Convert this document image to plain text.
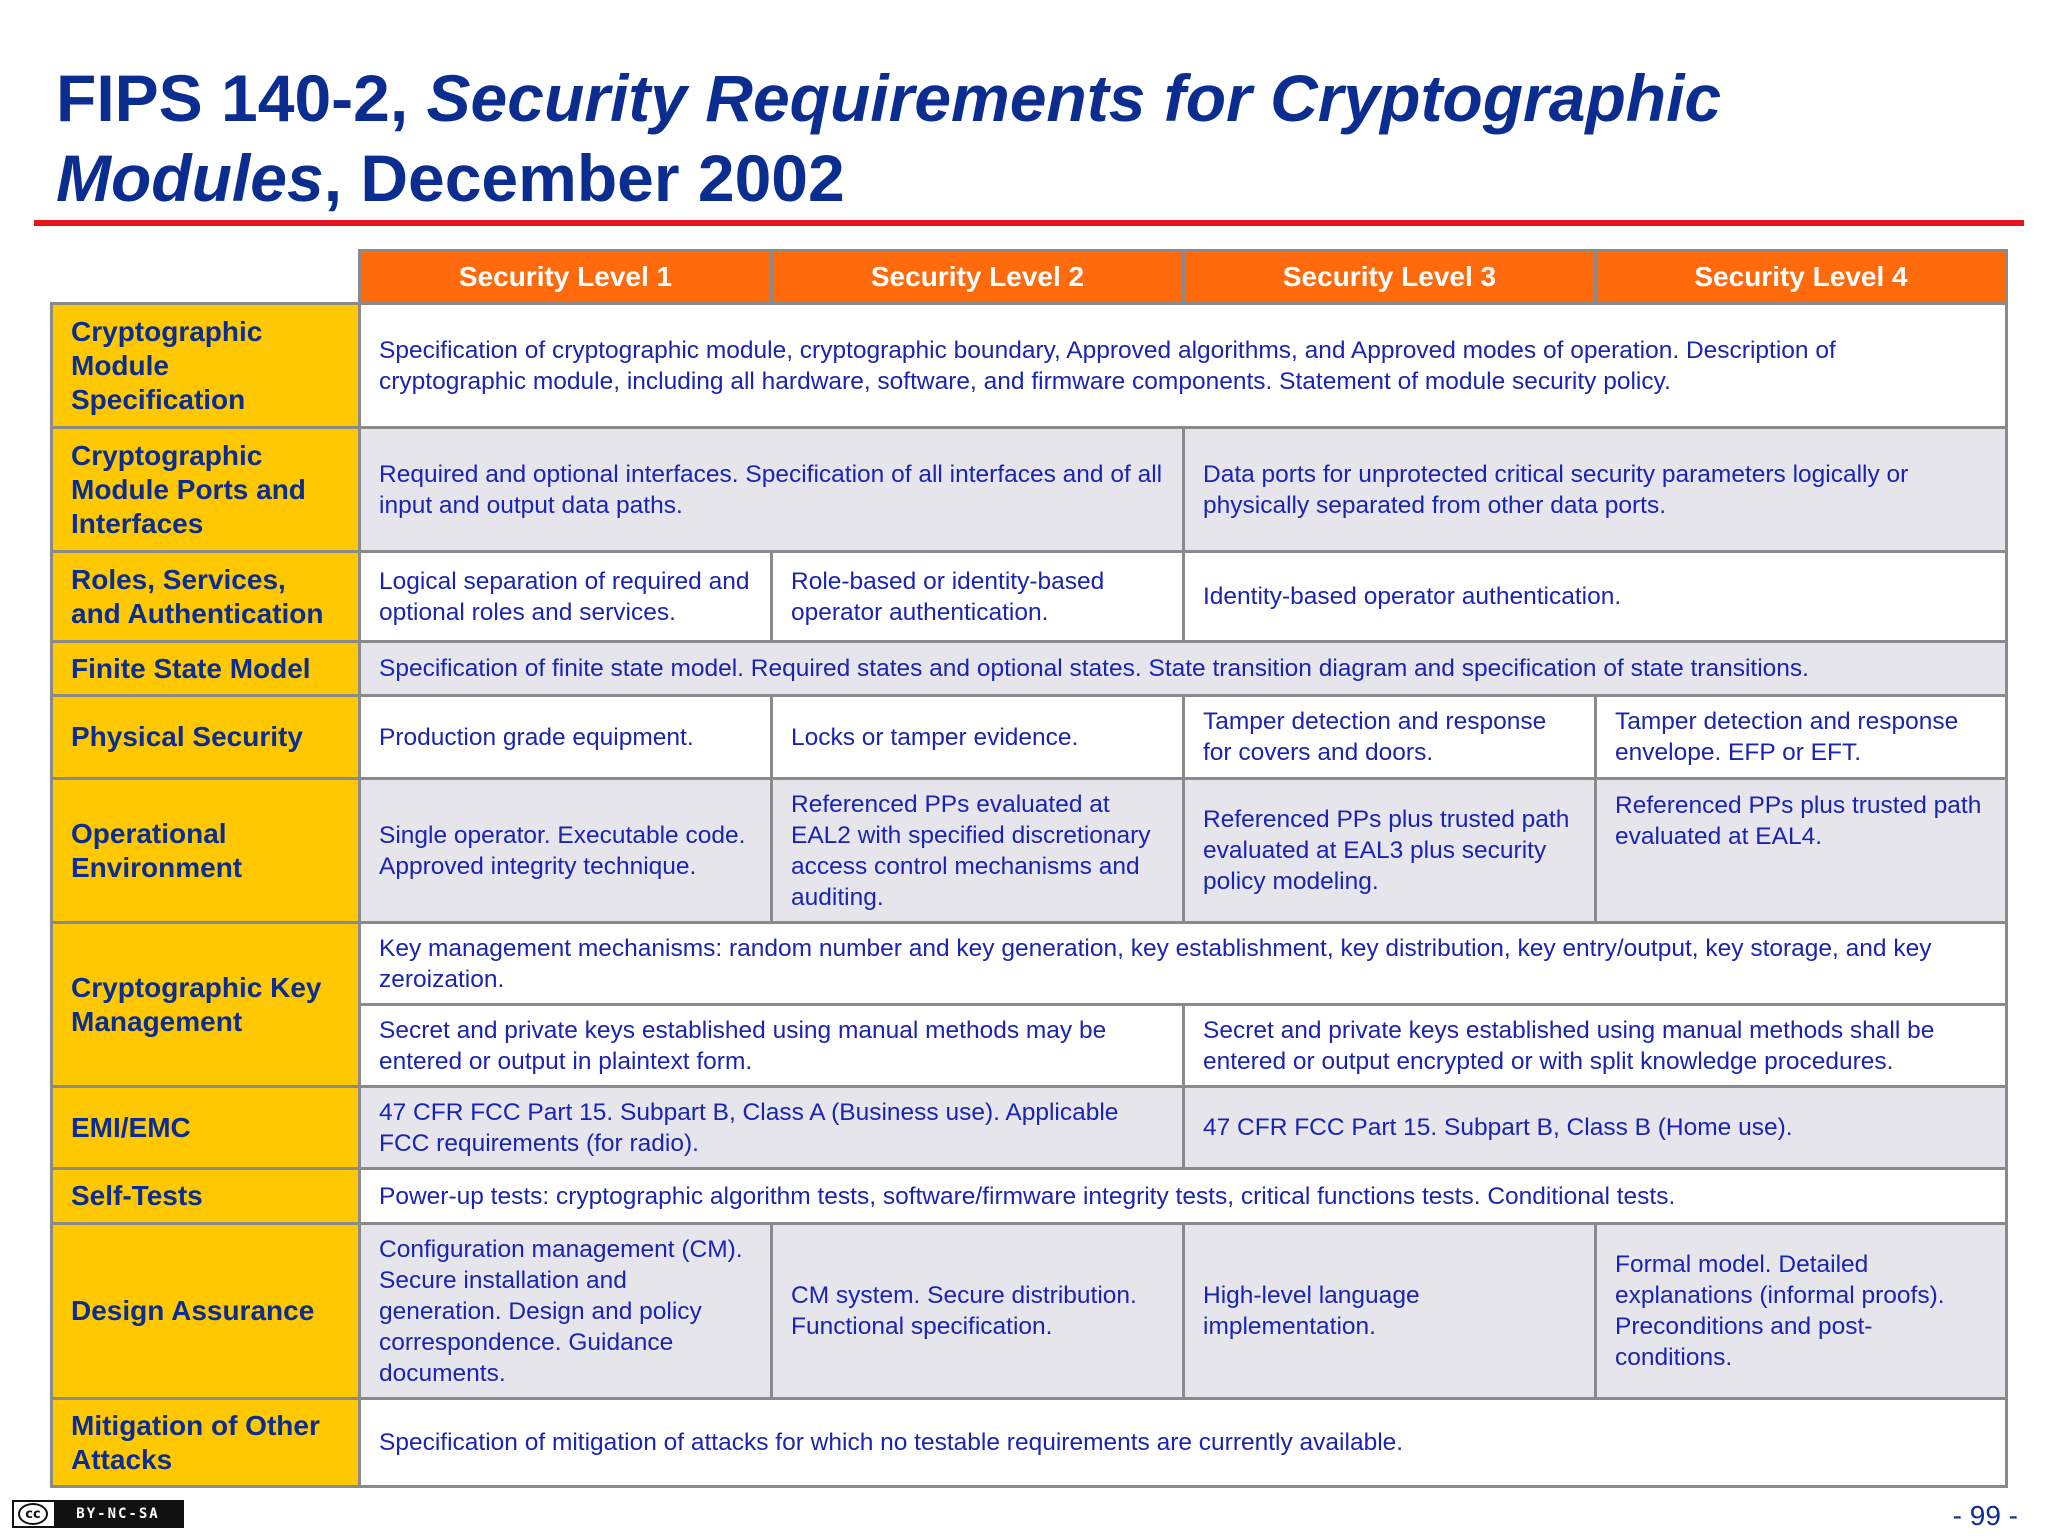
FIPS 140-2, Security Requirements for Cryptographic Modules, December 2002
	Security Level 1	Security Level 2	Security Level 3	Security Level 4
Cryptographic Module Specification	Specification of cryptographic module, cryptographic boundary, Approved algorithms, and Approved modes of operation. Description of cryptographic module, including all hardware, software, and firmware components. Statement of module security policy.			
Cryptographic Module Ports and Interfaces	Required and optional interfaces. Specification of all interfaces and of all input and output data paths.		Data ports for unprotected critical security parameters logically or physically separated from other data ports.	
Roles, Services, and Authentication	Logical separation of required and optional roles and services.	Role-based or identity-based operator authentication.	Identity-based operator authentication.	
Finite State Model	Specification of finite state model. Required states and optional states. State transition diagram and specification of state transitions.			
Physical Security	Production grade equipment.	Locks or tamper evidence.	Tamper detection and response for covers and doors.	Tamper detection and response envelope. EFP or EFT.
Operational Environment	Single operator. Executable code. Approved integrity technique.	Referenced PPs evaluated at EAL2 with specified discretionary access control mechanisms and auditing.	Referenced PPs plus trusted path evaluated at EAL3 plus security policy modeling.	Referenced PPs plus trusted path evaluated at EAL4.
Cryptographic Key Management	Key management mechanisms: random number and key generation, key establishment, key distribution, key entry/output, key storage, and key zeroization.			
	Secret and private keys established using manual methods may be entered or output in plaintext form.		Secret and private keys established using manual methods shall be entered or output encrypted or with split knowledge procedures.	
EMI/EMC	47 CFR FCC Part 15. Subpart B, Class A (Business use). Applicable FCC requirements (for radio).		47 CFR FCC Part 15. Subpart B, Class B (Home use).	
Self-Tests	Power-up tests: cryptographic algorithm tests, software/firmware integrity tests, critical functions tests. Conditional tests.			
Design Assurance	Configuration management (CM). Secure installation and generation. Design and policy correspondence. Guidance documents.	CM system. Secure distribution. Functional specification.	High-level language implementation.	Formal model. Detailed explanations (informal proofs). Preconditions and post-conditions.
Mitigation of Other Attacks	Specification of mitigation of attacks for which no testable requirements are currently available.			
cc	BY-NC-SA	- 99 -
